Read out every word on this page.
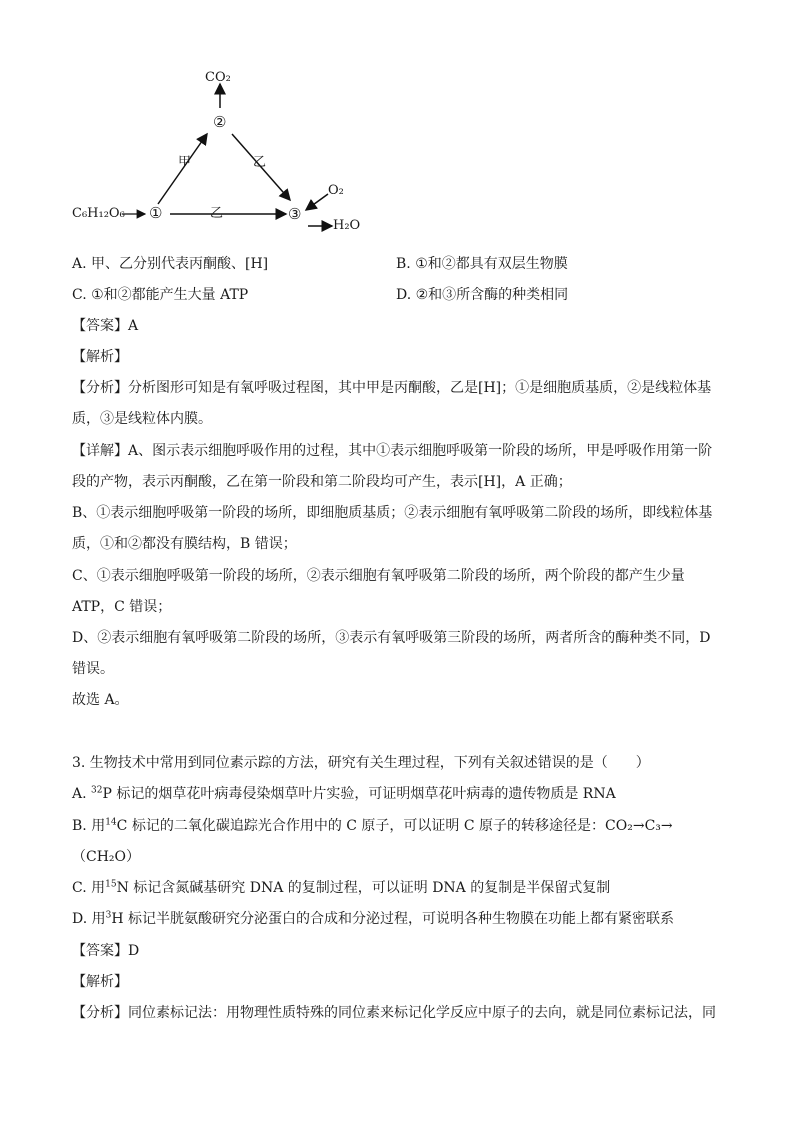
CO₂
②
甲	乙
C₆H₁₂O₆ ①	乙	③
O₂
H₂O
A. 甲、乙分别代表丙酮酸、[H]	B. ①和②都具有双层生物膜
C. ①和②都能产生大量 ATP	D. ②和③所含酶的种类相同
【答案】A
【解析】
【分析】分析图形可知是有氧呼吸过程图，其中甲是丙酮酸，乙是[H]；①是细胞质基质，②是线粒体基
质，③是线粒体内膜。
【详解】A、图示表示细胞呼吸作用的过程，其中①表示细胞呼吸第一阶段的场所，甲是呼吸作用第一阶
段的产物，表示丙酮酸，乙在第一阶段和第二阶段均可产生，表示[H]，A 正确；
B、①表示细胞呼吸第一阶段的场所，即细胞质基质；②表示细胞有氧呼吸第二阶段的场所，即线粒体基
质，①和②都没有膜结构，B 错误；
C、①表示细胞呼吸第一阶段的场所，②表示细胞有氧呼吸第二阶段的场所，两个阶段的都产生少量
ATP，C 错误；
D、②表示细胞有氧呼吸第二阶段的场所，③表示有氧呼吸第三阶段的场所，两者所含的酶种类不同，D
错误。
故选 A。
3. 生物技术中常用到同位素示踪的方法，研究有关生理过程，下列有关叙述错误的是（　　）
A. $^{32}$P 标记的烟草花叶病毒侵染烟草叶片实验，可证明烟草花叶病毒的遗传物质是 RNA
B. 用$^{14}$C 标记的二氧化碳追踪光合作用中的 C 原子，可以证明 C 原子的转移途径是：CO₂→C₃→
（CH₂O）
C. 用$^{15}$N 标记含氮碱基研究 DNA 的复制过程，可以证明 DNA 的复制是半保留式复制
D. 用$^3$H 标记半胱氨酸研究分泌蛋白的合成和分泌过程，可说明各种生物膜在功能上都有紧密联系
【答案】D
【解析】
【分析】同位素标记法：用物理性质特殊的同位素来标记化学反应中原子的去向，就是同位素标记法，同
